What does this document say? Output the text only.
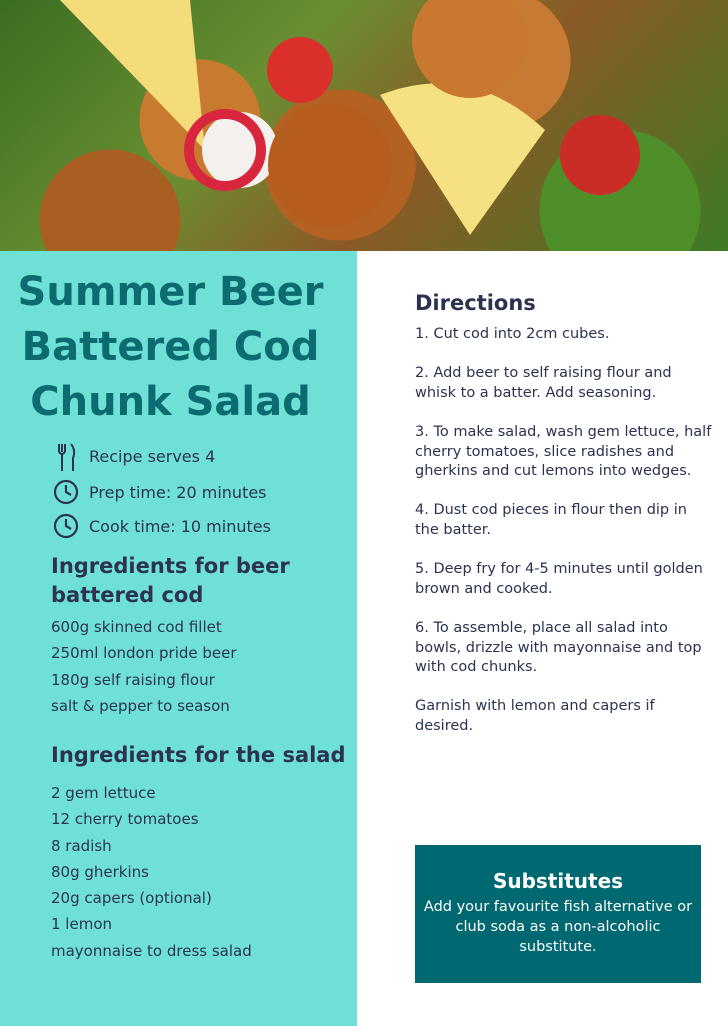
Summer Beer
Battered Cod
Chunk Salad
Recipe serves 4
Prep time: 20 minutes
Cook time: 10 minutes
Ingredients for beer
battered cod
600g skinned cod fillet
250ml london pride beer
180g self raising flour
salt & pepper to season
Ingredients for the salad
2 gem lettuce
12 cherry tomatoes
8 radish
80g gherkins
20g capers (optional)
1 lemon
mayonnaise to dress salad
Directions

1. Cut cod into 2cm cubes.

2. Add beer to self raising flour and whisk to a batter. Add seasoning.

3. To make salad, wash gem lettuce, half cherry tomatoes, slice radishes and gherkins and cut lemons into wedges.

4. Dust cod pieces in flour then dip in the batter.

5. Deep fry for 4-5 minutes until golden brown and cooked.

6. To assemble, place all salad into bowls, drizzle with mayonnaise and top with cod chunks.

Garnish with lemon and capers if desired.

Substitutes
Add your favourite fish alternative or club soda as a non-alcoholic substitute.
